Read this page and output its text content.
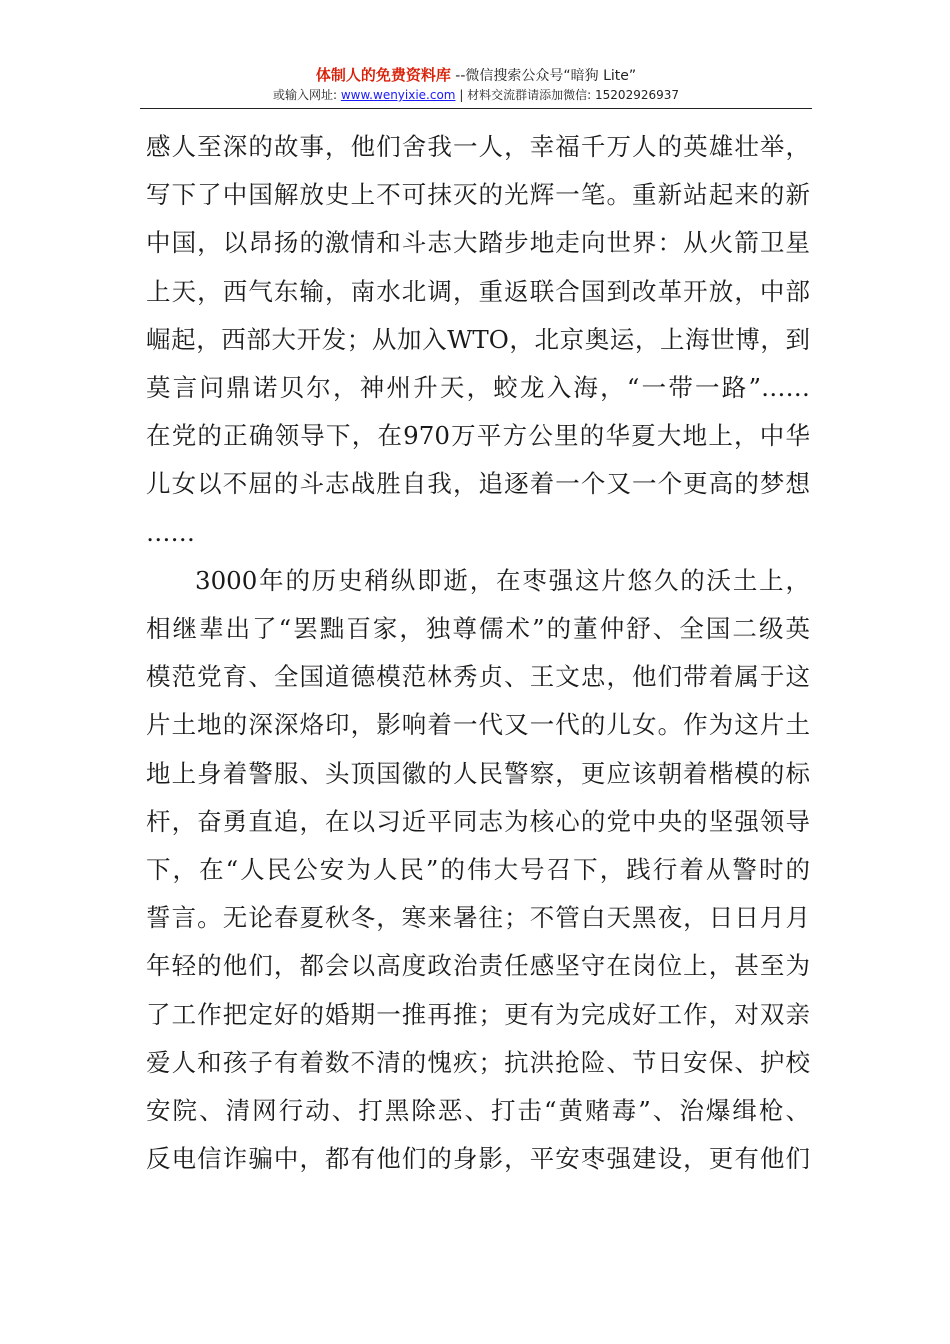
体制人的免费资料库 --微信搜索公众号“暗狗 Lite”
或输入网址: www.wenyixie.com | 材料交流群请添加微信: 15202926937
感人至深的故事，他们舍我一人，幸福千万人的英雄壮举，
写下了中国解放史上不可抹灭的光辉一笔。重新站起来的新
中国，以昂扬的激情和斗志大踏步地走向世界：从火箭卫星
上天，西气东输，南水北调，重返联合国到改革开放，中部
崛起，西部大开发；从加入WTO，北京奥运，上海世博，到
莫言问鼎诺贝尔，神州升天，蛟龙入海，“一带一路”……
在党的正确领导下，在970万平方公里的华夏大地上，中华
儿女以不屈的斗志战胜自我，追逐着一个又一个更高的梦想
……
3000年的历史稍纵即逝，在枣强这片悠久的沃土上，
相继辈出了“罢黜百家，独尊儒术”的董仲舒、全国二级英
模范党育、全国道德模范林秀贞、王文忠，他们带着属于这
片土地的深深烙印，影响着一代又一代的儿女。作为这片土
地上身着警服、头顶国徽的人民警察，更应该朝着楷模的标
杆，奋勇直追，在以习近平同志为核心的党中央的坚强领导
下，在“人民公安为人民”的伟大号召下，践行着从警时的
誓言。无论春夏秋冬，寒来暑往；不管白天黑夜，日日月月
年轻的他们，都会以高度政治责任感坚守在岗位上，甚至为
了工作把定好的婚期一推再推；更有为完成好工作，对双亲
爱人和孩子有着数不清的愧疚；抗洪抢险、节日安保、护校
安院、清网行动、打黑除恶、打击“黄赌毒”、治爆缉枪、
反电信诈骗中，都有他们的身影，平安枣强建设，更有他们
